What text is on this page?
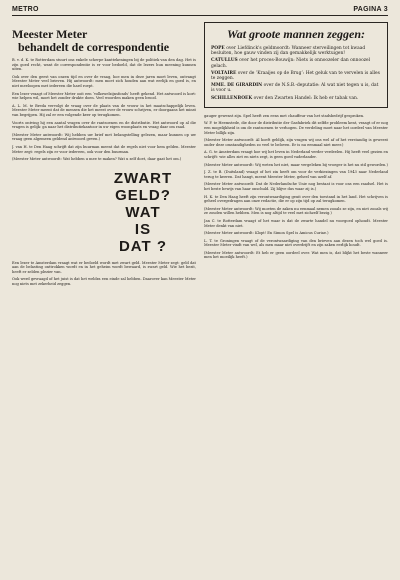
METRO	PAGINA 3
Meester Meter
behandelt de correspondentie

B. v. d. K. te Rotterdam stuurt ons enkele scherpe kanttekeningen bij de politiek van den dag. Het is zijn goed recht, want de correspondentie is er voor bedoeld, dat de lezers hun meening kunnen uiten.

Ook over den geest van onzen tijd en over de vraag, hoe men in deze jaren moet leven, ontvangt Meester Meter veel brieven. Hij antwoordt: men moet zich houden aan wat eerlijk en goed is, en niet meeloopen met iedereen die hard roept.

Een lezer vraagt of Meester Meter ooit een ‘volkswelzijnsfonds’ heeft gekend. Het antwoord is kort: wie helpen wil, moet het zonder drukte doen. Veel woorden maken geen brood.

A. L. M. te Breda vervolgt de vraag over de plaats van de vrouw in het maatschappelijk leven. Meester Meter meent dat de mensen die het meest over de vrouw schrijven, er doorgaans het minst van begrijpen. Hij zal er een volgende keer op terugkomen.

Voorts ontving hij een aantal vragen over de rantsoenen en de distributie. Het antwoord op al die vragen is gelijk: ga naar het distributiekantoor in uw eigen woonplaats en vraag daar om raad.

(Meester Meter antwoordt: Wij hebben uw brief met belangstelling gelezen, maar kunnen op uw vraag geen algemeen geldend antwoord geven.)

J. van H. te Den Haag schrijft dat zijn buurman meent dat de regels niet voor hem gelden. Meester Meter zegt: regels zijn er voor iedereen, ook voor den buurman.

(Meester Meter antwoordt: Wat hebben u mee te maken? Wat u zelf doet, daar gaat het om.)

ZWART
GELD?
WAT
IS
DAT ?

Een lezer te Amsterdam vraagt wat er bedoeld wordt met zwart geld. Meester Meter zegt: geld dat aan de belasting onttrokken wordt en in het geheim wordt bewaard, is zwart geld. Wie het bezit, heeft er zelden plezier van.

Ook werd gevraagd of het juist is dat het weldra een einde zal hebben. Daarover kan Meester Meter nog niets met zekerheid zeggen.

Wat groote mannen zeggen:
POPE over Liefdinck's geldmoordt: Wanneer sterveilingen tot kwaad besluiten, hoe gauw vinden zij dan gemakkelijk werktuigen!
CATULLUS over het proces-Bouwijn: Niets is onnoozeler dan onnoozel gelach.
VOLTAIRE over de ‘Kraaijes op de Brug’: Het geluk van te vervelen is alles te zeggen.
MME. DE GIRARDIN over de N.S.B.-deputatie: Al wat niet tegen u is, dat is voor u.
SCHILLENBOEK over den Zwarten Handel: Ik heb er tabak van.

gauger gewenst zijn. Spel heeft zen eens met chauffeur van het stadsbedrijf gesproken.

W. F. te Heemstede, die door de distributie der Gasfabriek dit zelfde probleem kent, vraagt of er nog een mogelijkheid is om de rantsoenen te verhogen. De verdeling moet naar het oordeel van Meester Meter billijk zijn.

(Meester Meter antwoordt: Al hoeft geblijk, zijn vragen wij ons wel af of het verstandig is geweest onder deze omstandigheden zo veel te beloven. Er is nu eenmaal niet meer.)

A. G. te Amsterdam vraagt hoe wij het leven in Nederland verder verdeelen. Hij heeft veel gezien en schrijft: wie alles ziet en niets zegt, is geen goed vaderlander.

(Meester Meter antwoordt: Wij weten het niet, maar vergeleken bij vroeger is het nu stil geworden.)

J. Z. te B. (Duitsland) vraagt of het zin heeft om voor de verkiezingen van 1943 naar Nederland terug te keeren. Dat hangt, meent Meester Meter, geheel van uzelf af.

(Meester Meter antwoordt: Dat de Nederlandsche Unie nog bestaat is voor ons een raadsel. Het is het beste bewijs van haar onschuld. Zij blijve dus waar zij is.)

H. K. te Den Haag heeft zijn verontwaardiging geuit over den toestand in het land. Het schrijven is geheel overgedragen aan onze redactie, die er op zijn tijd op zal terugkomen.

(Meester Meter antwoordt: Wij moeten de zaken nu eenmaal nemen zooals ze zijn, en niet zooals wij ze zouden willen hebben. Men is nog altijd te veel met zichzelf bezig.)

Jan C. te Rotterdam vraagt of het waar is dat de zwarte handel nu voorgoed ophoudt. Meester Meter denkt van niet.

(Meester Meter antwoordt: Klopt! En Simon Spel is Amicus Curiae.)

L. T. te Groningen vraagt of de verontwaardiging van den brieven aan dezen toch wel goed is. Meester Meter vindt van wel, als men maar niet overdrijft en zijn zaken eerlijk houdt.

(Meester Meter antwoordt: Et heb er geen oordeel over. Wat men is, dat blijkt het beste wanneer men het moeilijk heeft.)
